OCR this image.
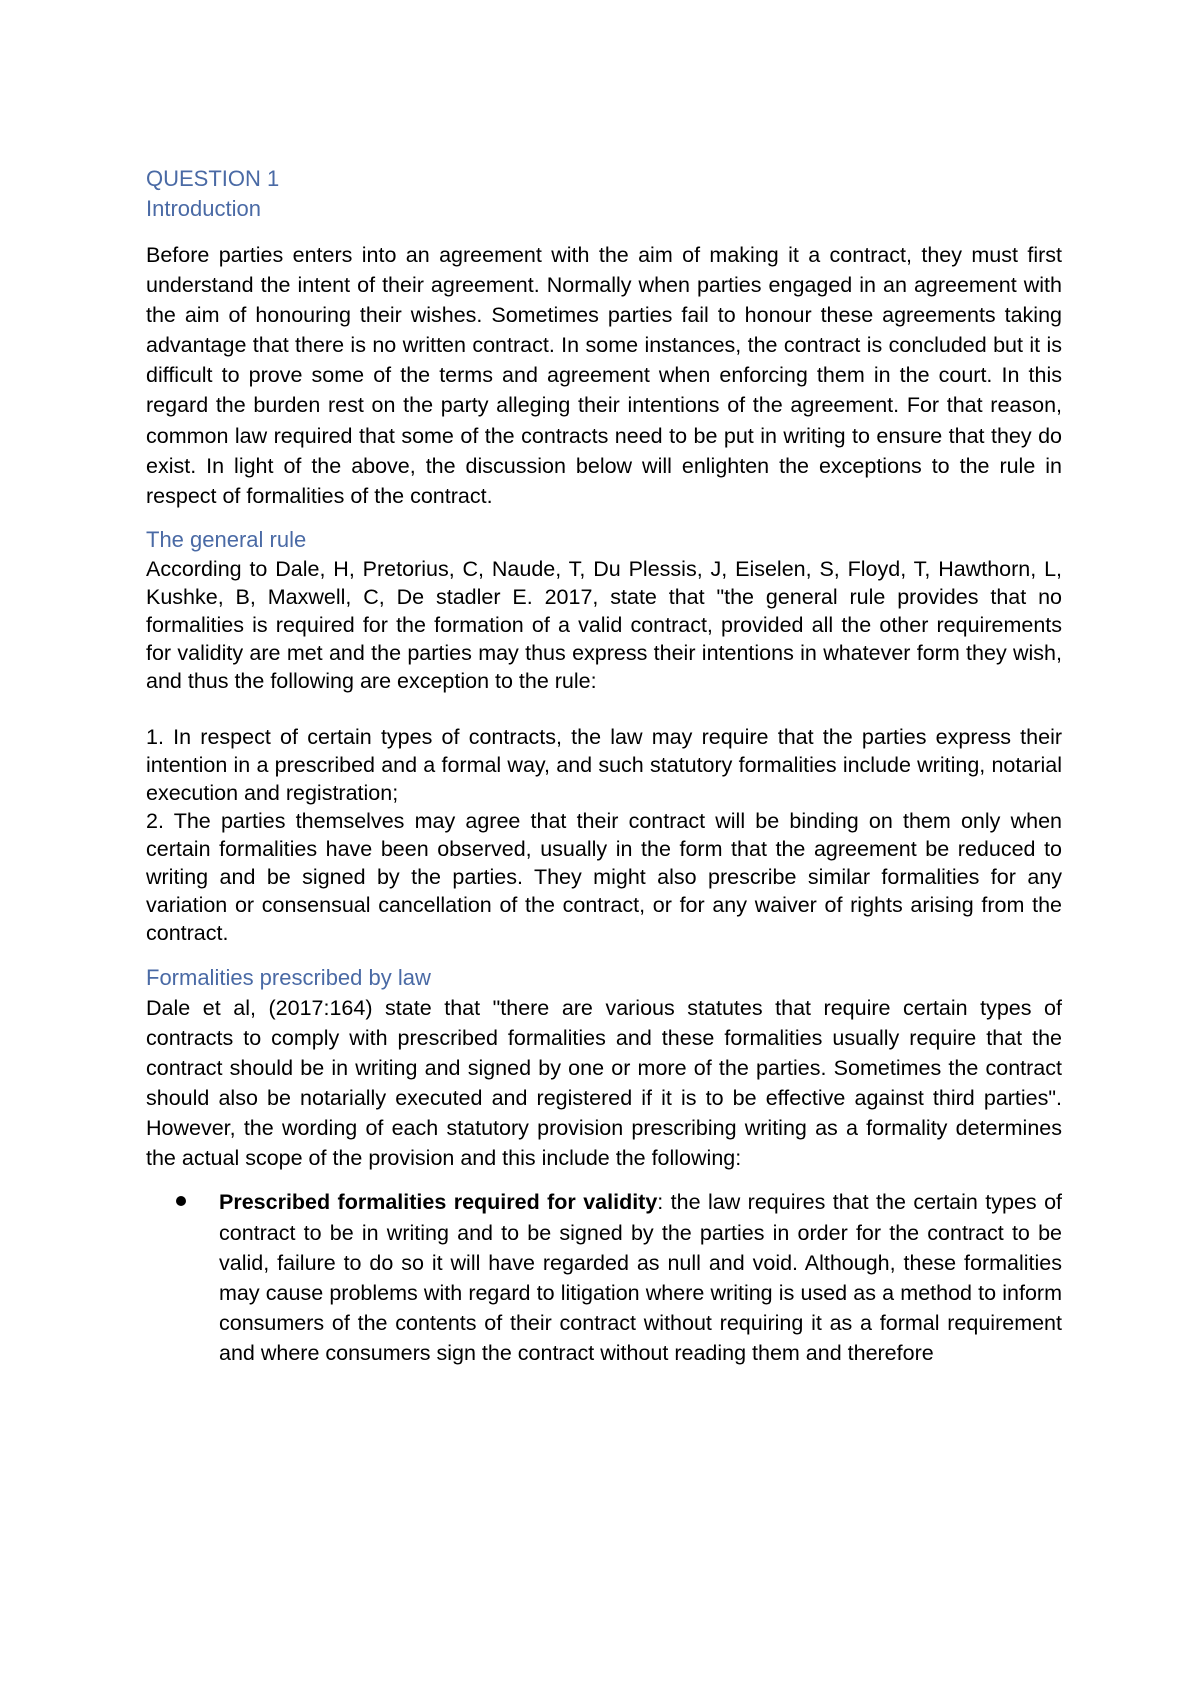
QUESTION 1
Introduction

Before parties enters into an agreement with the aim of making it a contract, they must first understand the intent of their agreement. Normally when parties engaged in an agreement with the aim of honouring their wishes. Sometimes parties fail to honour these agreements taking advantage that there is no written contract. In some instances, the contract is concluded but it is difficult to prove some of the terms and agreement when enforcing them in the court. In this regard the burden rest on the party alleging their intentions of the agreement. For that reason, common law required that some of the contracts need to be put in writing to ensure that they do exist. In light of the above, the discussion below will enlighten the exceptions to the rule in respect of formalities of the contract.

The general rule

According to Dale, H, Pretorius, C, Naude, T, Du Plessis, J, Eiselen, S, Floyd, T, Hawthorn, L, Kushke, B, Maxwell, C, De stadler E. 2017, state that "the general rule provides that no formalities is required for the formation of a valid contract, provided all the other requirements for validity are met and the parties may thus express their intentions in whatever form they wish, and thus the following are exception to the rule:

1. In respect of certain types of contracts, the law may require that the parties express their intention in a prescribed and a formal way, and such statutory formalities include writing, notarial execution and registration;

2. The parties themselves may agree that their contract will be binding on them only when certain formalities have been observed, usually in the form that the agreement be reduced to writing and be signed by the parties. They might also prescribe similar formalities for any variation or consensual cancellation of the contract, or for any waiver of rights arising from the contract.

Formalities prescribed by law

Dale et al, (2017:164) state that "there are various statutes that require certain types of contracts to comply with prescribed formalities and these formalities usually require that the contract should be in writing and signed by one or more of the parties. Sometimes the contract should also be notarially executed and registered if it is to be effective against third parties". However, the wording of each statutory provision prescribing writing as a formality determines the actual scope of the provision and this include the following:

Prescribed formalities required for validity: the law requires that the certain types of contract to be in writing and to be signed by the parties in order for the contract to be valid, failure to do so it will have regarded as null and void. Although, these formalities may cause problems with regard to litigation where writing is used as a method to inform consumers of the contents of their contract without requiring it as a formal requirement and where consumers sign the contract without reading them and therefore
